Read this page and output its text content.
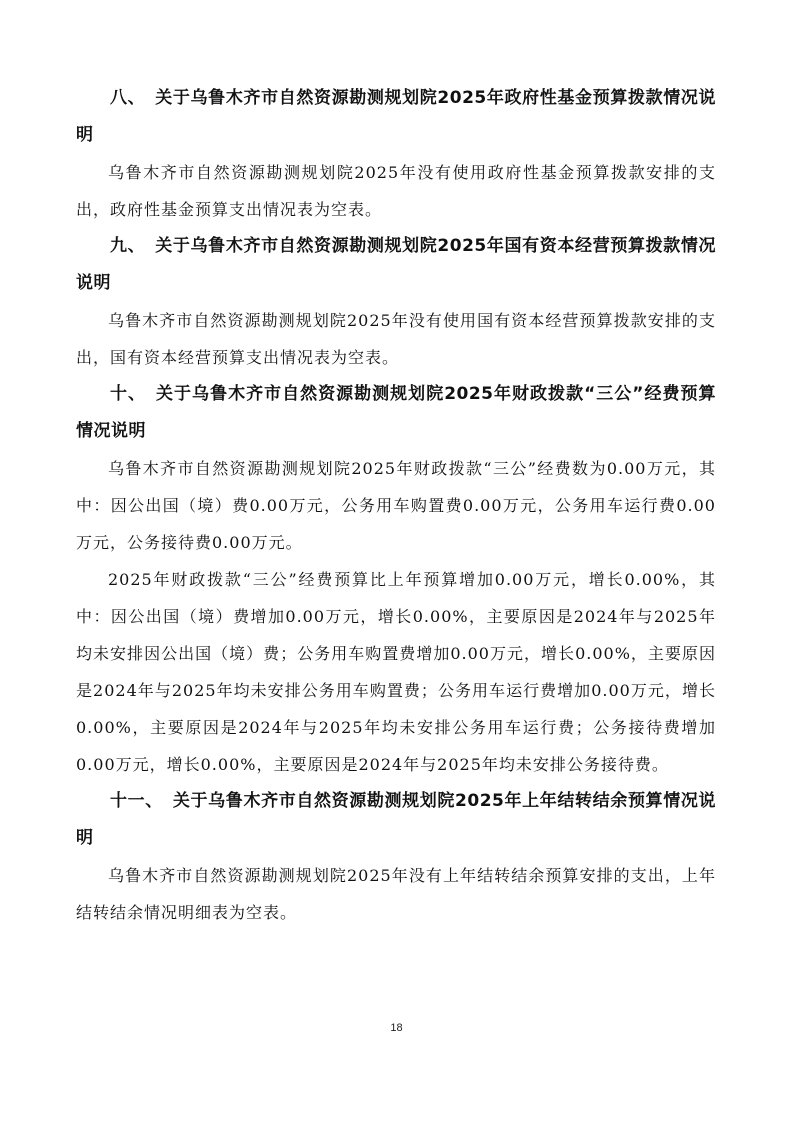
八、 关于乌鲁木齐市自然资源勘测规划院2025年政府性基金预算拨款情况说明

乌鲁木齐市自然资源勘测规划院2025年没有使用政府性基金预算拨款安排的支出，政府性基金预算支出情况表为空表。

九、 关于乌鲁木齐市自然资源勘测规划院2025年国有资本经营预算拨款情况说明

乌鲁木齐市自然资源勘测规划院2025年没有使用国有资本经营预算拨款安排的支出，国有资本经营预算支出情况表为空表。

十、 关于乌鲁木齐市自然资源勘测规划院2025年财政拨款“三公”经费预算情况说明

乌鲁木齐市自然资源勘测规划院2025年财政拨款“三公”经费数为0.00万元，其中：因公出国（境）费0.00万元，公务用车购置费0.00万元，公务用车运行费0.00万元，公务接待费0.00万元。

2025年财政拨款“三公”经费预算比上年预算增加0.00万元，增长0.00%，其中：因公出国（境）费增加0.00万元，增长0.00%，主要原因是2024年与2025年均未安排因公出国（境）费；公务用车购置费增加0.00万元，增长0.00%，主要原因是2024年与2025年均未安排公务用车购置费；公务用车运行费增加0.00万元，增长0.00%，主要原因是2024年与2025年均未安排公务用车运行费；公务接待费增加0.00万元，增长0.00%，主要原因是2024年与2025年均未安排公务接待费。

十一、 关于乌鲁木齐市自然资源勘测规划院2025年上年结转结余预算情况说明

乌鲁木齐市自然资源勘测规划院2025年没有上年结转结余预算安排的支出，上年结转结余情况明细表为空表。

18
